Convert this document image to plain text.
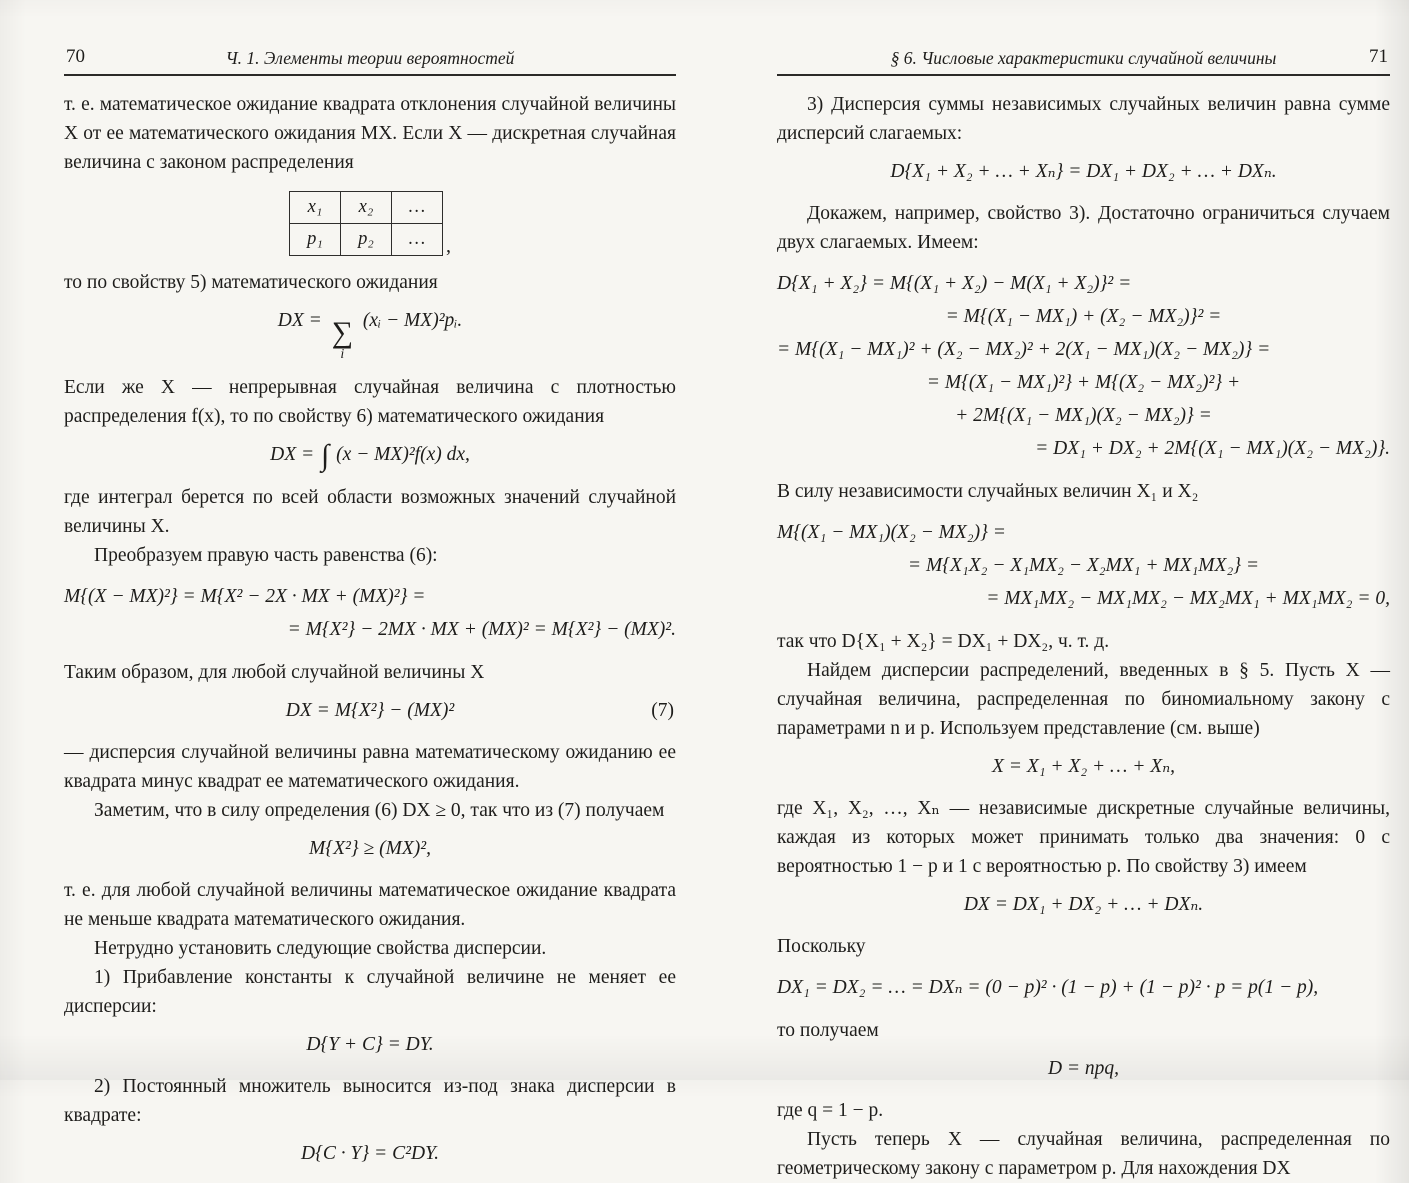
70	Ч. 1. Элементы теории вероятностей

т. е. математическое ожидание квадрата отклонения случайной величины X от ее математического ожидания MX. Если X — дискретная случайная величина с законом распределения

x₁	x₂	…
p₁	p₂	… ,

то по свойству 5) математического ожидания

DX = ∑
i
(xᵢ − MX)²pᵢ.

Если же X — непрерывная случайная величина с плотностью распределения f(x), то по свойству 6) математического ожидания

DX = ∫ (x − MX)²f(x) dx,

где интеграл берется по всей области возможных значений случайной величины X.

Преобразуем правую часть равенства (6):

M{(X − MX)²} = M{X² − 2X · MX + (MX)²} =
= M{X²} − 2MX · MX + (MX)² = M{X²} − (MX)².

Таким образом, для любой случайной величины X

DX = M{X²} − (MX)²	(7)

— дисперсия случайной величины равна математическому ожиданию ее квадрата минус квадрат ее математического ожидания.

Заметим, что в силу определения (6) DX ≥ 0, так что из (7) получаем

M{X²} ≥ (MX)²,

т. е. для любой случайной величины математическое ожидание квадрата не меньше квадрата математического ожидания.

Нетрудно установить следующие свойства дисперсии.

1) Прибавление константы к случайной величине не меняет ее дисперсии:

D{Y + C} = DY.

2) Постоянный множитель выносится из-под знака дисперсии в квадрате:

D{C · Y} = C²DY.
§ 6. Числовые характеристики случайной величины	71

3) Дисперсия суммы независимых случайных величин равна сумме дисперсий слагаемых:

D{X₁ + X₂ + … + Xₙ} = DX₁ + DX₂ + … + DXₙ.

Докажем, например, свойство 3). Достаточно ограничиться случаем двух слагаемых. Имеем:

D{X₁ + X₂} = M{(X₁ + X₂) − M(X₁ + X₂)}² =
= M{(X₁ − MX₁) + (X₂ − MX₂)}² =
= M{(X₁ − MX₁)² + (X₂ − MX₂)² + 2(X₁ − MX₁)(X₂ − MX₂)} =
= M{(X₁ − MX₁)²} + M{(X₂ − MX₂)²} +
+ 2M{(X₁ − MX₁)(X₂ − MX₂)} =
= DX₁ + DX₂ + 2M{(X₁ − MX₁)(X₂ − MX₂)}.

В силу независимости случайных величин X₁ и X₂

M{(X₁ − MX₁)(X₂ − MX₂)} =
= M{X₁X₂ − X₁MX₂ − X₂MX₁ + MX₁MX₂} =
= MX₁MX₂ − MX₁MX₂ − MX₂MX₁ + MX₁MX₂ = 0,

так что D{X₁ + X₂} = DX₁ + DX₂, ч. т. д.

Найдем дисперсии распределений, введенных в § 5. Пусть X — случайная величина, распределенная по биномиальному закону с параметрами n и p. Используем представление (см. выше)

X = X₁ + X₂ + … + Xₙ,

где X₁, X₂, …, Xₙ — независимые дискретные случайные величины, каждая из которых может принимать только два значения: 0 с вероятностью 1 − p и 1 с вероятностью p. По свойству 3) имеем

DX = DX₁ + DX₂ + … + DXₙ.

Поскольку

DX₁ = DX₂ = … = DXₙ = (0 − p)² · (1 − p) + (1 − p)² · p = p(1 − p),

то получаем

D = npq,

где q = 1 − p.

Пусть теперь X — случайная величина, распределенная по геометрическому закону с параметром p. Для нахождения DX
